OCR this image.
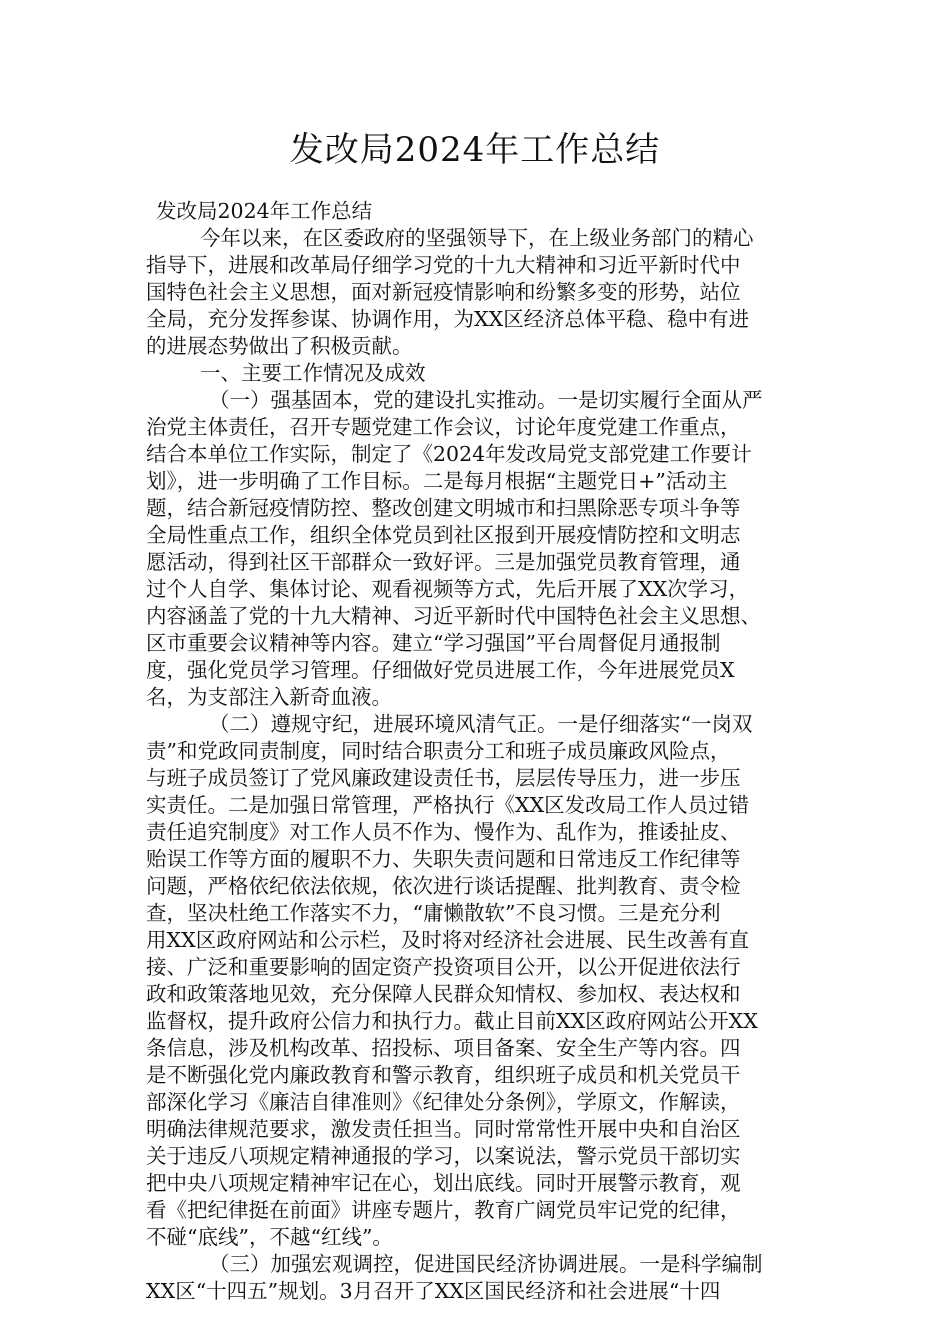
发改局2024年工作总结

发改局2024年工作总结

今年以来，在区委政府的坚强领导下，在上级业务部门的精心

指导下，进展和改革局仔细学习党的十九大精神和习近平新时代中

国特色社会主义思想，面对新冠疫情影响和纷繁多变的形势，站位

全局，充分发挥参谋、协调作用，为XX区经济总体平稳、稳中有进

的进展态势做出了积极贡献。

一、主要工作情况及成效

（一）强基固本，党的建设扎实推动。一是切实履行全面从严

治党主体责任，召开专题党建工作会议，讨论年度党建工作重点，

结合本单位工作实际，制定了《2024年发改局党支部党建工作要计

划》，进一步明确了工作目标。二是每月根据“主题党日+”活动主

题，结合新冠疫情防控、整改创建文明城市和扫黑除恶专项斗争等

全局性重点工作，组织全体党员到社区报到开展疫情防控和文明志

愿活动，得到社区干部群众一致好评。三是加强党员教育管理，通

过个人自学、集体讨论、观看视频等方式，先后开展了XX次学习，

内容涵盖了党的十九大精神、习近平新时代中国特色社会主义思想、

区市重要会议精神等内容。建立“学习强国”平台周督促月通报制

度，强化党员学习管理。仔细做好党员进展工作，今年进展党员X

名，为支部注入新奇血液。

（二）遵规守纪，进展环境风清气正。一是仔细落实“一岗双

责”和党政同责制度，同时结合职责分工和班子成员廉政风险点，

与班子成员签订了党风廉政建设责任书，层层传导压力，进一步压

实责任。二是加强日常管理，严格执行《XX区发改局工作人员过错

责任追究制度》对工作人员不作为、慢作为、乱作为，推诿扯皮、

贻误工作等方面的履职不力、失职失责问题和日常违反工作纪律等

问题，严格依纪依法依规，依次进行谈话提醒、批判教育、责令检

查，坚决杜绝工作落实不力，“庸懒散软”不良习惯。三是充分利

用XX区政府网站和公示栏，及时将对经济社会进展、民生改善有直

接、广泛和重要影响的固定资产投资项目公开，以公开促进依法行

政和政策落地见效，充分保障人民群众知情权、参加权、表达权和

监督权，提升政府公信力和执行力。截止目前XX区政府网站公开XX

条信息，涉及机构改革、招投标、项目备案、安全生产等内容。四

是不断强化党内廉政教育和警示教育，组织班子成员和机关党员干

部深化学习《廉洁自律准则》《纪律处分条例》，学原文，作解读，

明确法律规范要求，激发责任担当。同时常常性开展中央和自治区

关于违反八项规定精神通报的学习，以案说法，警示党员干部切实

把中央八项规定精神牢记在心，划出底线。同时开展警示教育，观

看《把纪律挺在前面》讲座专题片，教育广阔党员牢记党的纪律，

不碰“底线”，不越“红线”。

（三）加强宏观调控，促进国民经济协调进展。一是科学编制

XX区“十四五”规划。3月召开了XX区国民经济和社会进展“十四
